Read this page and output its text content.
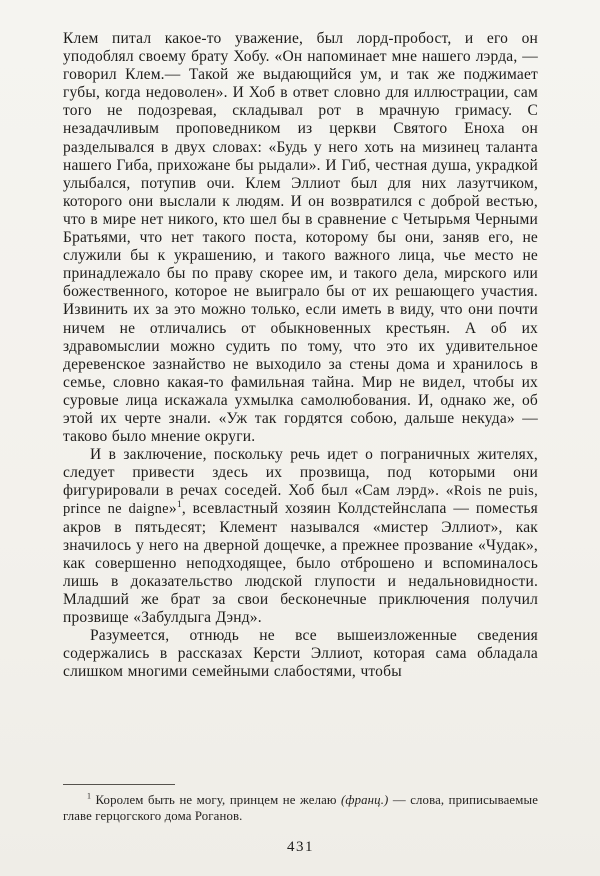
Клем питал какое-то уважение, был лорд-пробост, и его он уподоблял своему брату Хобу. «Он напоминает мне нашего лэрда, — говорил Клем.— Такой же выдающийся ум, и так же поджимает губы, когда недоволен». И Хоб в ответ словно для иллюстрации, сам того не подозревая, складывал рот в мрачную гримасу. С незадачливым проповедником из церкви Святого Еноха он разделывался в двух словах: «Будь у него хоть на мизинец таланта нашего Гиба, прихожане бы рыдали». И Гиб, честная душа, украдкой улыбался, потупив очи. Клем Эллиот был для них лазутчиком, которого они выслали к людям. И он возвратился с доброй вестью, что в мире нет никого, кто шел бы в сравнение с Четырьмя Черными Братьями, что нет такого поста, которому бы они, заняв его, не служили бы к украшению, и такого важного лица, чье место не принадлежало бы по праву скорее им, и такого дела, мирского или божественного, которое не выиграло бы от их решающего участия. Извинить их за это можно только, если иметь в виду, что они почти ничем не отличались от обыкновенных крестьян. А об их здравомыслии можно судить по тому, что это их удивительное деревенское зазнайство не выходило за стены дома и хранилось в семье, словно какая-то фамильная тайна. Мир не видел, чтобы их суровые лица искажала ухмылка самолюбования. И, однако же, об этой их черте знали. «Уж так гордятся собою, дальше некуда» — таково было мнение округи.

И в заключение, поскольку речь идет о пограничных жителях, следует привести здесь их прозвища, под которыми они фигурировали в речах соседей. Хоб был «Сам лэрд». «Rois ne puis, prince ne daigne»$^1$, всевластный хозяин Колдстейнслапа — поместья акров в пятьдесят; Клемент назывался «мистер Эллиот», как значилось у него на дверной дощечке, а прежнее прозвание «Чудак», как совершенно неподходящее, было отброшено и вспоминалось лишь в доказательство людской глупости и недальновидности. Младший же брат за свои бесконечные приключения получил прозвище «Забулдыга Дэнд».

Разумеется, отнюдь не все вышеизложенные сведения содержались в рассказах Керсти Эллиот, которая сама обладала слишком многими семейными слабостями, чтобы

$^1$ Королем быть не могу, принцем не желаю (франц.) — слова, приписываемые главе герцогского дома Роганов.

431
